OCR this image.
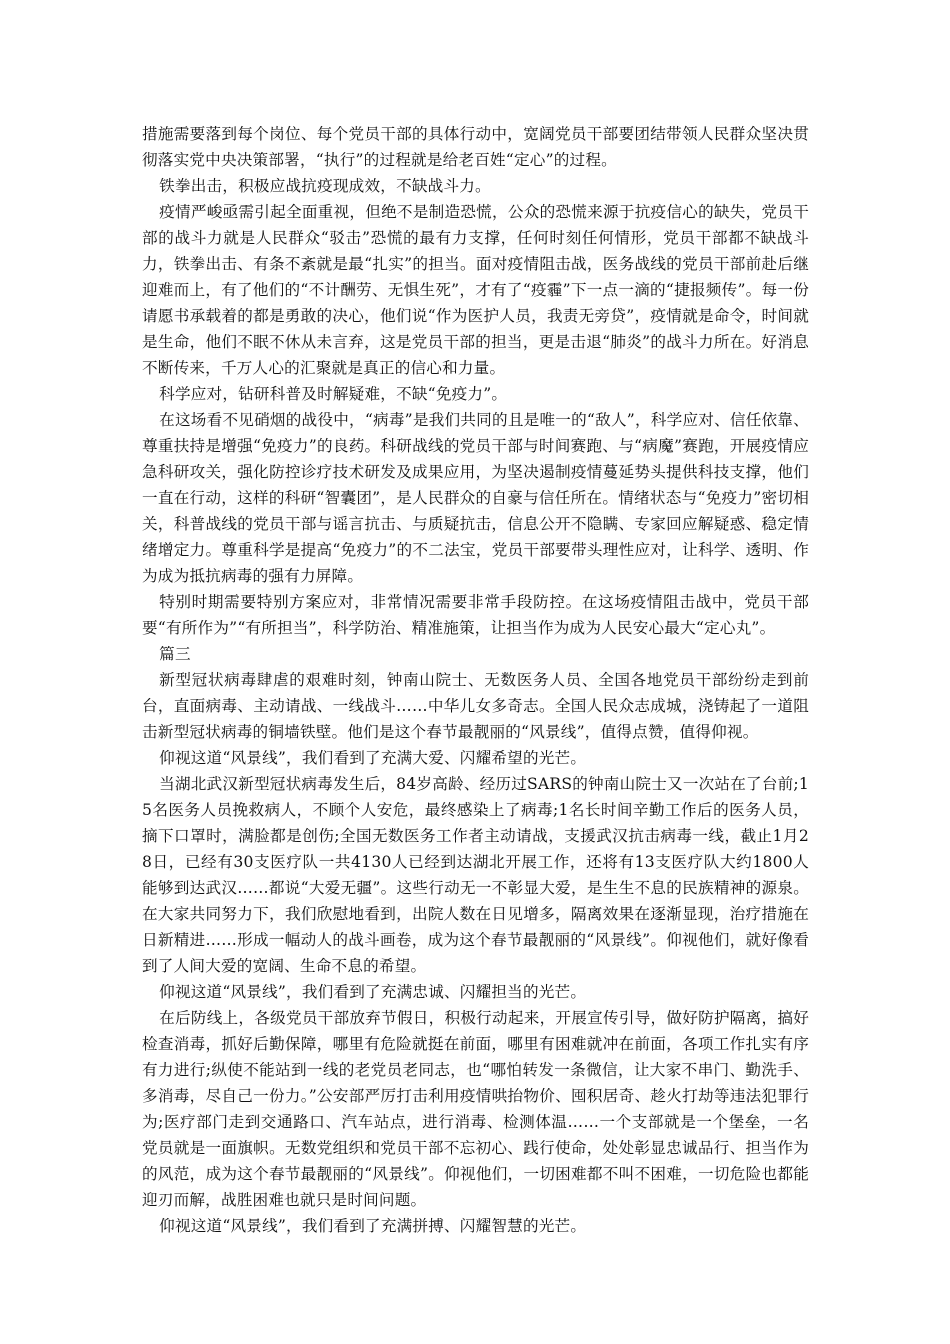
措施需要落到每个岗位、每个党员干部的具体行动中，宽阔党员干部要团结带领人民群众坚决贯彻落实党中央决策部署，“执行”的过程就是给老百姓“定心”的过程。

铁拳出击，积极应战抗疫现成效，不缺战斗力。

疫情严峻亟需引起全面重视，但绝不是制造恐慌，公众的恐慌来源于抗疫信心的缺失，党员干部的战斗力就是人民群众“驳击”恐慌的最有力支撑，任何时刻任何情形，党员干部都不缺战斗力，铁拳出击、有条不紊就是最“扎实”的担当。面对疫情阻击战，医务战线的党员干部前赴后继迎难而上，有了他们的“不计酬劳、无惧生死”，才有了“疫霾”下一点一滴的“捷报频传”。每一份请愿书承载着的都是勇敢的决心，他们说“作为医护人员，我责无旁贷”，疫情就是命令，时间就是生命，他们不眠不休从未言弃，这是党员干部的担当，更是击退“肺炎”的战斗力所在。好消息不断传来，千万人心的汇聚就是真正的信心和力量。

科学应对，钻研科普及时解疑难，不缺“免疫力”。

在这场看不见硝烟的战役中，“病毒”是我们共同的且是唯一的“敌人”，科学应对、信任依靠、尊重扶持是增强“免疫力”的良药。科研战线的党员干部与时间赛跑、与“病魔”赛跑，开展疫情应急科研攻关，强化防控诊疗技术研发及成果应用，为坚决遏制疫情蔓延势头提供科技支撑，他们一直在行动，这样的科研“智囊团”，是人民群众的自豪与信任所在。情绪状态与“免疫力”密切相关，科普战线的党员干部与谣言抗击、与质疑抗击，信息公开不隐瞒、专家回应解疑惑、稳定情绪增定力。尊重科学是提高“免疫力”的不二法宝，党员干部要带头理性应对，让科学、透明、作为成为抵抗病毒的强有力屏障。

特别时期需要特别方案应对，非常情况需要非常手段防控。在这场疫情阻击战中，党员干部要“有所作为”“有所担当”，科学防治、精准施策，让担当作为成为人民安心最大“定心丸”。

篇三

新型冠状病毒肆虐的艰难时刻，钟南山院士、无数医务人员、全国各地党员干部纷纷走到前台，直面病毒、主动请战、一线战斗……中华儿女多奇志。全国人民众志成城，浇铸起了一道阻击新型冠状病毒的铜墙铁壁。他们是这个春节最靓丽的“风景线”，值得点赞，值得仰视。

仰视这道“风景线”，我们看到了充满大爱、闪耀希望的光芒。

当湖北武汉新型冠状病毒发生后，84岁高龄、经历过SARS的钟南山院士又一次站在了台前;15名医务人员挽救病人，不顾个人安危，最终感染上了病毒;1名长时间辛勤工作后的医务人员，摘下口罩时，满脸都是创伤;全国无数医务工作者主动请战，支援武汉抗击病毒一线，截止1月28日，已经有30支医疗队一共4130人已经到达湖北开展工作，还将有13支医疗队大约1800人能够到达武汉……都说“大爱无疆”。这些行动无一不彰显大爱，是生生不息的民族精神的源泉。在大家共同努力下，我们欣慰地看到，出院人数在日见增多，隔离效果在逐渐显现，治疗措施在日新精进……形成一幅动人的战斗画卷，成为这个春节最靓丽的“风景线”。仰视他们，就好像看到了人间大爱的宽阔、生命不息的希望。

仰视这道“风景线”，我们看到了充满忠诚、闪耀担当的光芒。

在后防线上，各级党员干部放弃节假日，积极行动起来，开展宣传引导，做好防护隔离，搞好检查消毒，抓好后勤保障，哪里有危险就挺在前面，哪里有困难就冲在前面，各项工作扎实有序有力进行;纵使不能站到一线的老党员老同志，也“哪怕转发一条微信，让大家不串门、勤洗手、多消毒，尽自己一份力。”公安部严厉打击利用疫情哄抬物价、囤积居奇、趁火打劫等违法犯罪行为;医疗部门走到交通路口、汽车站点，进行消毒、检测体温……一个支部就是一个堡垒，一名党员就是一面旗帜。无数党组织和党员干部不忘初心、践行使命，处处彰显忠诚品行、担当作为的风范，成为这个春节最靓丽的“风景线”。仰视他们，一切困难都不叫不困难，一切危险也都能迎刃而解，战胜困难也就只是时间问题。

仰视这道“风景线”，我们看到了充满拼搏、闪耀智慧的光芒。
